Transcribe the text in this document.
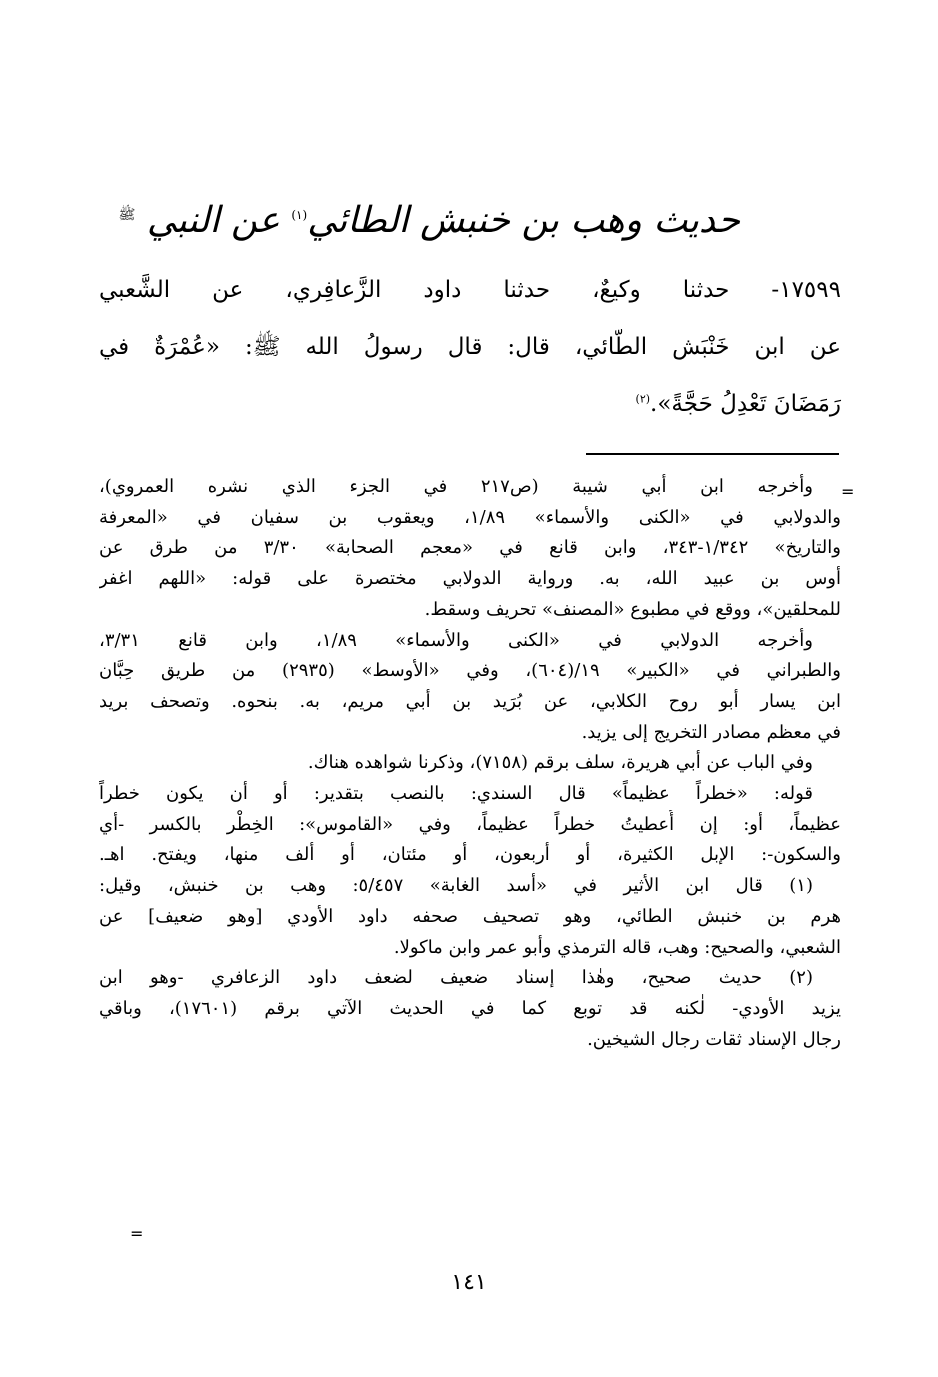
حديث وهب بن خنبش الطائي$^{(١)}$ عن النبي $^ﷺ$
١٧٥٩٩- حدثنا وكيعٌ، حدثنا داود الزَّعافِري، عن الشَّعبي
عن ابن خَنْبَش الطّائي، قال: قال رسولُ الله ﷺ: «عُمْرَةٌ في
رَمَضَانَ تَعْدِلُ حَجَّةً».$^{(٢)}$
=
وأخرجه ابن أبي شيبة (ص٢١٧ في الجزء الذي نشره العمروي)،
والدولابي في «الكنى والأسماء» ١/٨٩، ويعقوب بن سفيان في «المعرفة
والتاريخ» ١/٣٤٢-٣٤٣، وابن قانع في «معجم الصحابة» ٣/٣٠ من طرق عن
أوس بن عبيد الله، به. ورواية الدولابي مختصرة على قوله: «اللهم اغفر
للمحلقين»، ووقع في مطبوع «المصنف» تحريف وسقط.
وأخرجه الدولابي في «الكنى والأسماء» ١/٨٩، وابن قانع ٣/٣١،
والطبراني في «الكبير» ١٩/(٦٠٤)، وفي «الأوسط» (٢٩٣٥) من طريق حِبَّان
ابن يسار أبو روح الكلابي، عن بُرَيد بن أبي مريم، به. بنحوه. وتصحف بريد
في معظم مصادر التخريج إلى يزيد.
وفي الباب عن أبي هريرة، سلف برقم (٧١٥٨)، وذكرنا شواهده هناك.
قوله: «خطراً عظيماً» قال السندي: بالنصب بتقدير: أو أن يكون خطراً
عظيماً، أو: إن أُعطيتُ خطراً عظيماً، وفي «القاموس»: الخِطْر بالكسر -أي
والسكون-: الإبل الكثيرة، أو أربعون، أو مئتان، أو ألف منها، ويفتح. اهـ.
(١) قال ابن الأثير في «أسد الغابة» ٥/٤٥٧: وهب بن خنبش، وقيل:
هرم بن خنبش الطائي، وهو تصحيف صحفه داود الأودي [وهو ضعيف] عن
الشعبي، والصحيح: وهب، قاله الترمذي وأبو عمر وابن ماكولا.
(٢) حديث صحيح، وهٰذا إسناد ضعيف لضعف داود الزعافري -وهو ابن
يزيد الأودي- لٰكنه قد توبع كما في الحديث الآتي برقم (١٧٦٠١)، وباقي
رجال الإسناد ثقات رجال الشيخين.
=
١٤١
